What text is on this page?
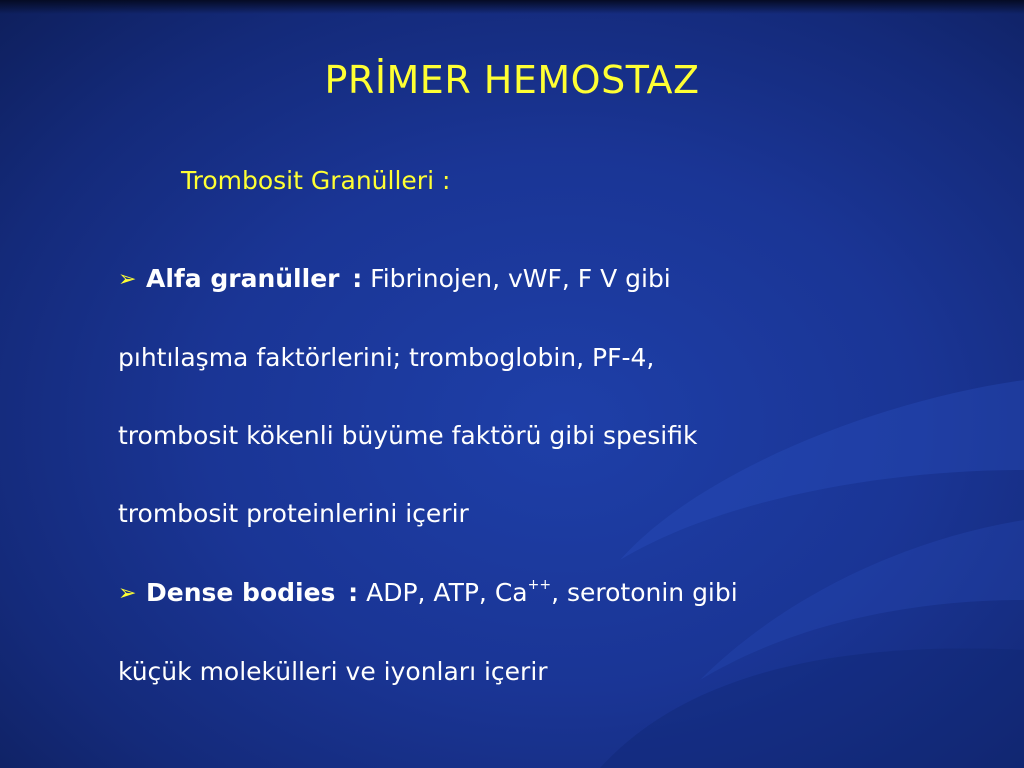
PRİMER HEMOSTAZ
Trombosit Granülleri :
➢ Alfa granüller : Fibrinojen, vWF, F V gibi
pıhtılaşma faktörlerini; tromboglobin, PF-4,
trombosit kökenli büyüme faktörü gibi spesifik
trombosit proteinlerini içerir
➢ Dense bodies : ADP, ATP, Ca++, serotonin gibi
küçük molekülleri ve iyonları içerir
